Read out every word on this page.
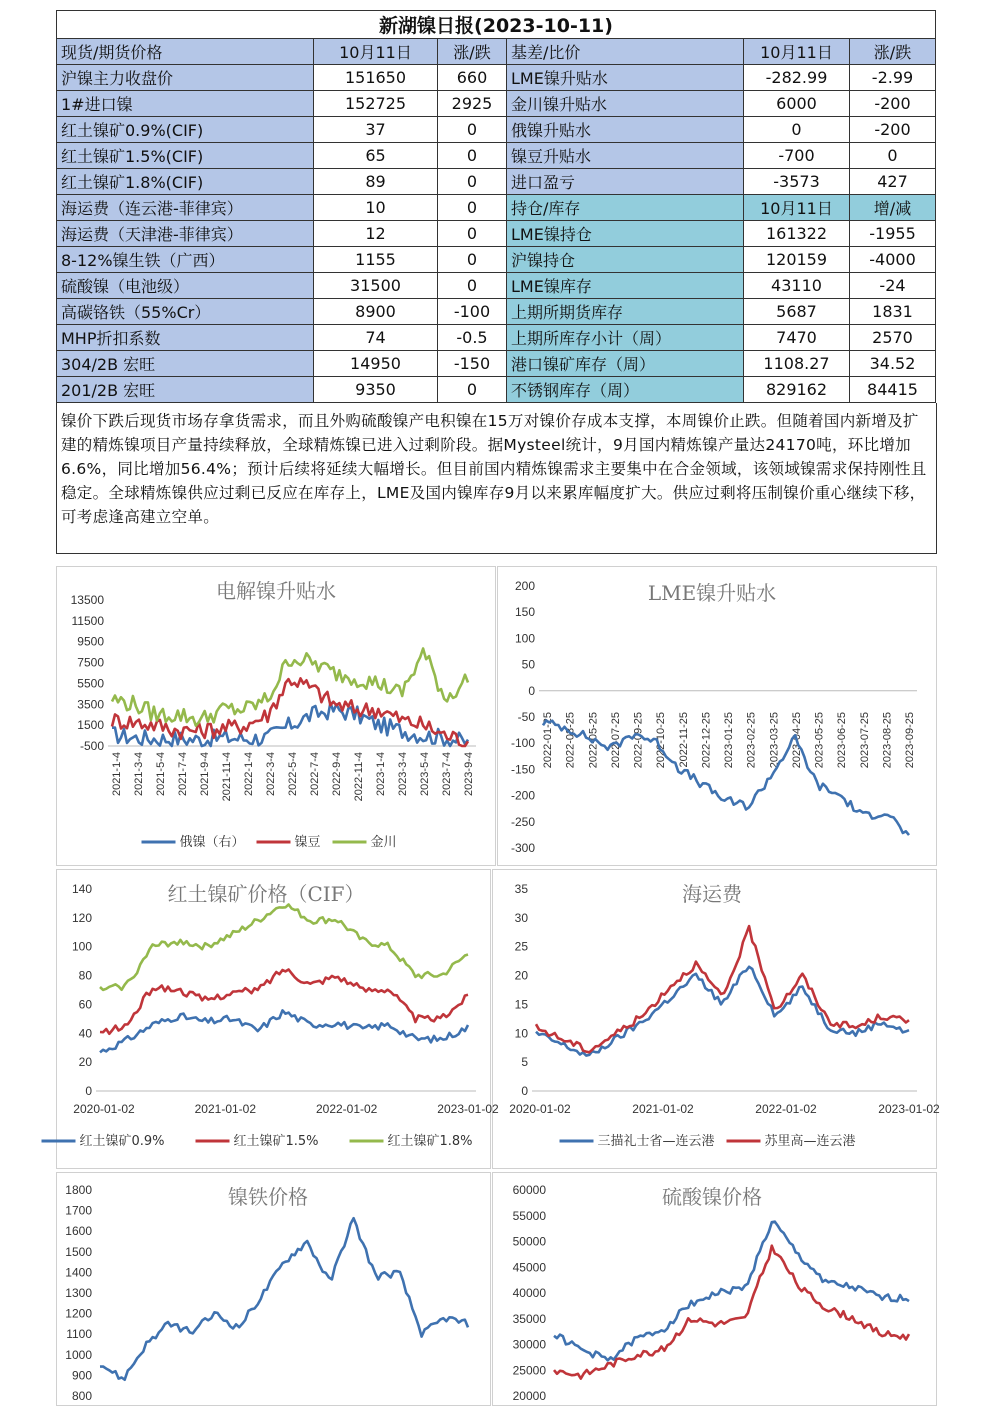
新湖镍日报(2023-10-11)					
现货/期货价格	10月11日	涨/跌	基差/比价	10月11日	涨/跌
沪镍主力收盘价	151650	660	LME镍升贴水	-282.99	-2.99
1#进口镍	152725	2925	金川镍升贴水	6000	-200
红土镍矿0.9%(CIF)	37	0	俄镍升贴水	0	-200
红土镍矿1.5%(CIF)	65	0	镍豆升贴水	-700	0
红土镍矿1.8%(CIF)	89	0	进口盈亏	-3573	427
海运费（连云港-菲律宾）	10	0	持仓/库存	10月11日	增/减
海运费（天津港-菲律宾）	12	0	LME镍持仓	161322	-1955
8-12%镍生铁（广西）	1155	0	沪镍持仓	120159	-4000
硫酸镍（电池级）	31500	0	LME镍库存	43110	-24
高碳铬铁（55%Cr）	8900	-100	上期所期货库存	5687	1831
MHP折扣系数	74	-0.5	上期所库存小计（周）	7470	2570
304/2B 宏旺	14950	-150	港口镍矿库存（周）	1108.27	34.52
201/2B 宏旺	9350	0	不锈钢库存（周）	829162	84415
镍价下跌后现货市场存拿货需求，而且外购硫酸镍产电积镍在15万对镍价存成本支撑，本周镍价止跌。但随着国内新增及扩建的精炼镍项目产量持续释放，全球精炼镍已进入过剩阶段。据Mysteel统计，9月国内精炼镍产量达24170吨，环比增加6.6%，同比增加56.4%；预计后续将延续大幅增长。但目前国内精炼镍需求主要集中在合金领域，该领域镍需求保持刚性且稳定。全球精炼镍供应过剩已反应在库存上，LME及国内镍库存9月以来累库幅度扩大。供应过剩将压制镍价重心继续下移，可考虑逢高建立空单。
电解镍升贴水
13500
11500
9500
7500
5500
3500
1500
-500
2021-1-4 2021-3-4 2021-5-4 2021-7-4 2021-9-4 2021-11-4 2022-1-4 2022-3-4 2022-5-4 2022-7-4 2022-9-4 2022-11-4 2023-1-4 2023-3-4 2023-5-4 2023-7-4 2023-9-4
俄镍（右）	镍豆	金川
LME镍升贴水
200
150
100
50
0
-50
-100
-150
-200
-250
-300
2022-01-25 2022-03-25 2022-05-25 2022-07-25 2022-09-25 2022-10-25 2022-11-25 2022-12-25 2023-01-25 2023-02-25 2023-03-25 2023-04-25 2023-05-25 2023-06-25 2023-07-25 2023-08-25 2023-09-25
红土镍矿价格（CIF）
140
120
100
80
60
40
20
0
2020-01-02	2021-01-02	2022-01-02	2023-01-02
红土镍矿0.9%	红土镍矿1.5%	红土镍矿1.8%
海运费
35
30
25
20
15
10
5
0
2020-01-02	2021-01-02	2022-01-02	2023-01-02
三描礼士省—连云港	苏里高—连云港
镍铁价格
1800
1700
1600
1500
1400
1300
1200
1100
1000
900
800
硫酸镍价格
60000
55000
50000
45000
40000
35000
30000
25000
20000
